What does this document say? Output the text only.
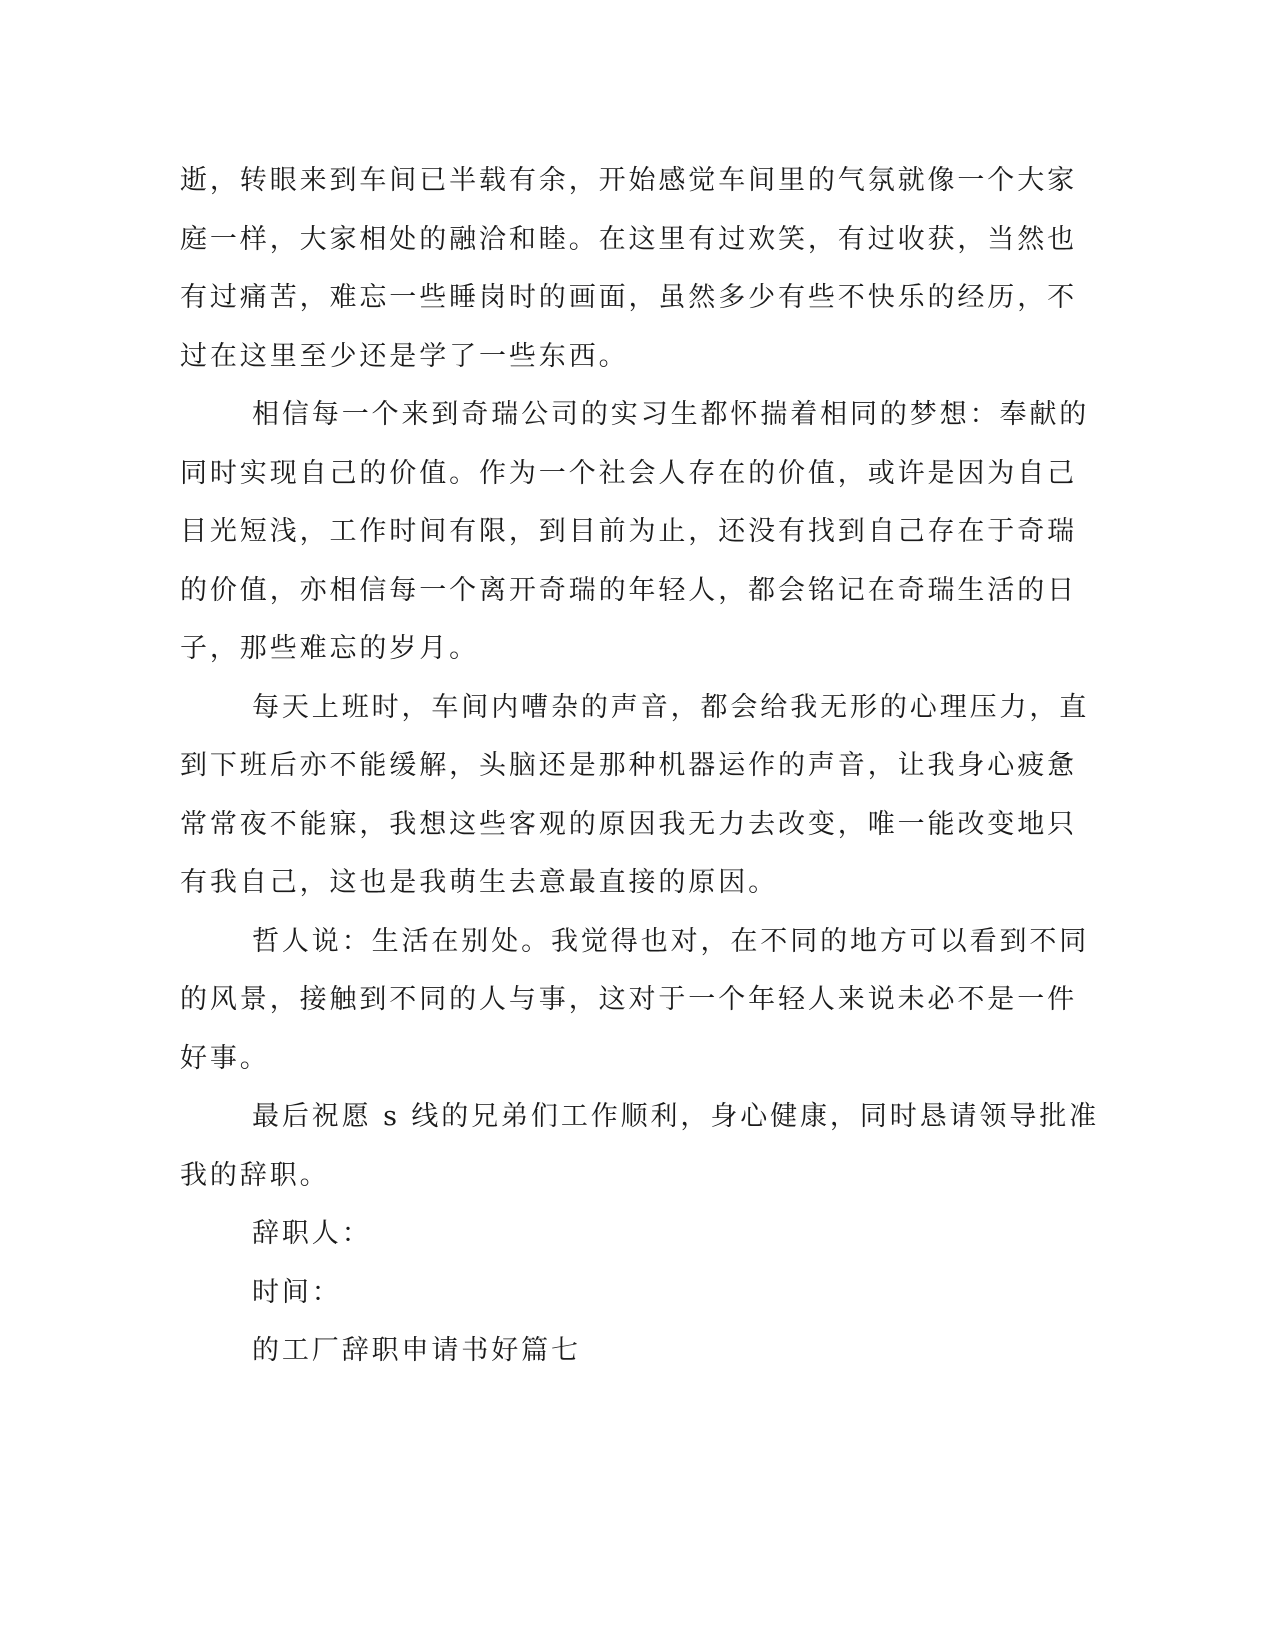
逝，转眼来到车间已半载有余，开始感觉车间里的气氛就像一个大家
庭一样，大家相处的融洽和睦。在这里有过欢笑，有过收获，当然也
有过痛苦，难忘一些睡岗时的画面，虽然多少有些不快乐的经历，不
过在这里至少还是学了一些东西。
相信每一个来到奇瑞公司的实习生都怀揣着相同的梦想：奉献的
同时实现自己的价值。作为一个社会人存在的价值，或许是因为自己
目光短浅，工作时间有限，到目前为止，还没有找到自己存在于奇瑞
的价值，亦相信每一个离开奇瑞的年轻人，都会铭记在奇瑞生活的日
子，那些难忘的岁月。
每天上班时，车间内嘈杂的声音，都会给我无形的心理压力，直
到下班后亦不能缓解，头脑还是那种机器运作的声音，让我身心疲惫
常常夜不能寐，我想这些客观的原因我无力去改变，唯一能改变地只
有我自己，这也是我萌生去意最直接的原因。
哲人说：生活在别处。我觉得也对，在不同的地方可以看到不同
的风景，接触到不同的人与事，这对于一个年轻人来说未必不是一件
好事。
最后祝愿 s 线的兄弟们工作顺利，身心健康，同时恳请领导批准
我的辞职。
辞职人：
时间：
的工厂辞职申请书好篇七
